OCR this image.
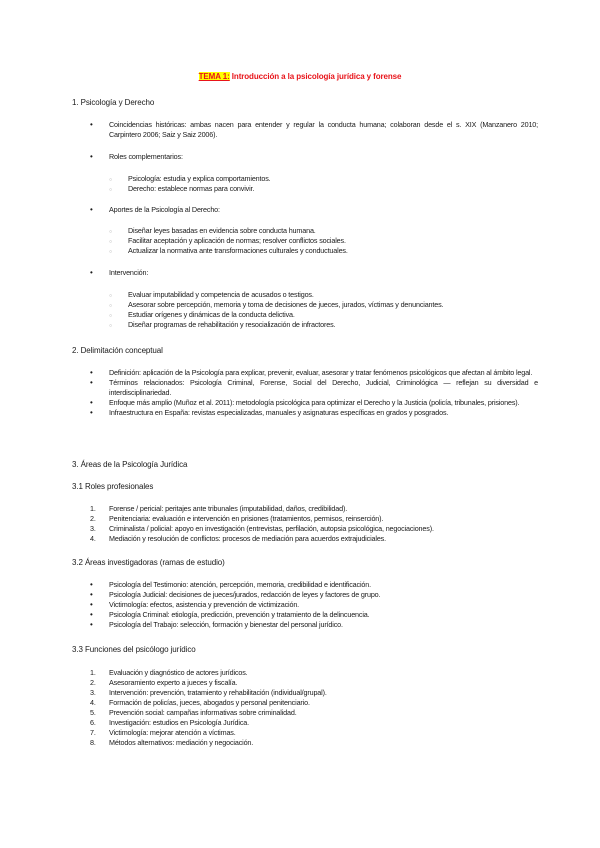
TEMA 1: Introducción a la psicología jurídica y forense
1. Psicología y Derecho
• Coincidencias históricas: ambas nacen para entender y regular la conducta humana; colaboran desde el s. XIX (Manzanero 2010; Carpintero 2006; Saiz y Saiz 2006).
• Roles complementarios:
○ Psicología: estudia y explica comportamientos.
○ Derecho: establece normas para convivir.
• Aportes de la Psicología al Derecho:
○ Diseñar leyes basadas en evidencia sobre conducta humana.
○ Facilitar aceptación y aplicación de normas; resolver conflictos sociales.
○ Actualizar la normativa ante transformaciones culturales y conductuales.
• Intervención:
○ Evaluar imputabilidad y competencia de acusados o testigos.
○ Asesorar sobre percepción, memoria y toma de decisiones de jueces, jurados, víctimas y denunciantes.
○ Estudiar orígenes y dinámicas de la conducta delictiva.
○ Diseñar programas de rehabilitación y resocialización de infractores.
2. Delimitación conceptual
• Definición: aplicación de la Psicología para explicar, prevenir, evaluar, asesorar y tratar fenómenos psicológicos que afectan al ámbito legal.
• Términos relacionados: Psicología Criminal, Forense, Social del Derecho, Judicial, Criminológica — reflejan su diversidad e interdisciplinariedad.
• Enfoque más amplio (Muñoz et al. 2011): metodología psicológica para optimizar el Derecho y la Justicia (policía, tribunales, prisiones).
• Infraestructura en España: revistas especializadas, manuales y asignaturas específicas en grados y posgrados.
3. Áreas de la Psicología Jurídica
3.1 Roles profesionales
1. Forense / pericial: peritajes ante tribunales (imputabilidad, daños, credibilidad).
2. Penitenciaria: evaluación e intervención en prisiones (tratamientos, permisos, reinserción).
3. Criminalista / policial: apoyo en investigación (entrevistas, perfilación, autopsia psicológica, negociaciones).
4. Mediación y resolución de conflictos: procesos de mediación para acuerdos extrajudiciales.
3.2 Áreas investigadoras (ramas de estudio)
• Psicología del Testimonio: atención, percepción, memoria, credibilidad e identificación.
• Psicología Judicial: decisiones de jueces/jurados, redacción de leyes y factores de grupo.
• Victimología: efectos, asistencia y prevención de victimización.
• Psicología Criminal: etiología, predicción, prevención y tratamiento de la delincuencia.
• Psicología del Trabajo: selección, formación y bienestar del personal jurídico.
3.3 Funciones del psicólogo jurídico
1. Evaluación y diagnóstico de actores jurídicos.
2. Asesoramiento experto a jueces y fiscalía.
3. Intervención: prevención, tratamiento y rehabilitación (individual/grupal).
4. Formación de policías, jueces, abogados y personal penitenciario.
5. Prevención social: campañas informativas sobre criminalidad.
6. Investigación: estudios en Psicología Jurídica.
7. Victimología: mejorar atención a víctimas.
8. Métodos alternativos: mediación y negociación.
